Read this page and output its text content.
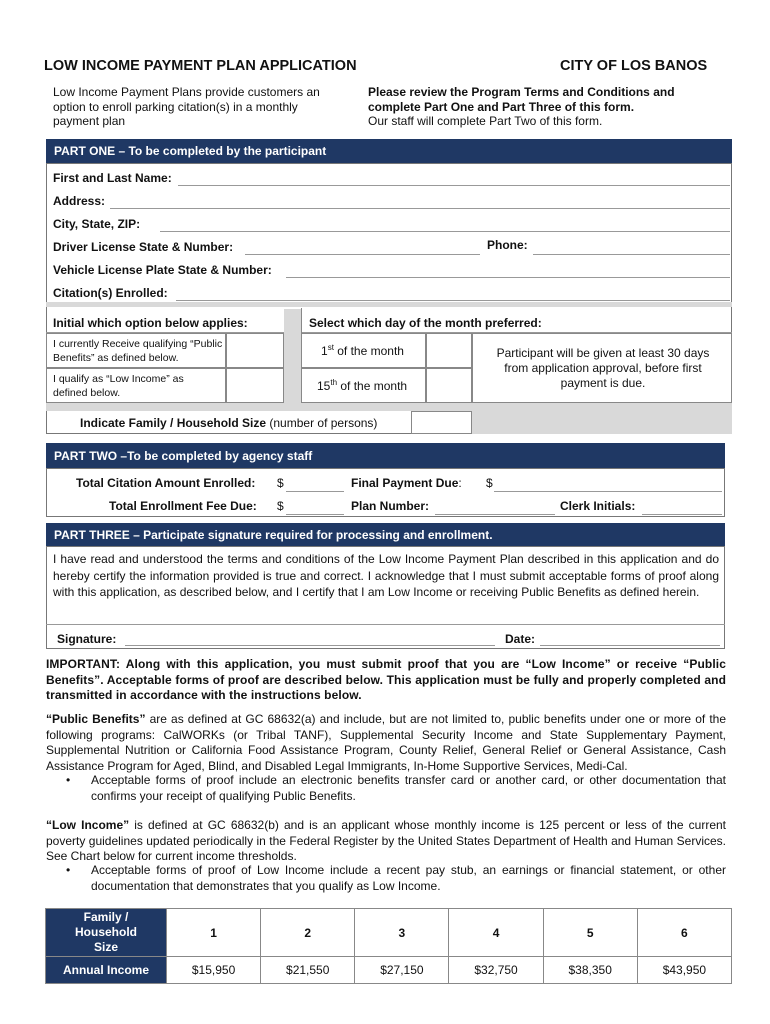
LOW INCOME PAYMENT PLAN APPLICATION	CITY OF LOS BANOS
Low Income Payment Plans provide customers an option to enroll parking citation(s) in a monthly payment plan
Please review the Program Terms and Conditions and complete Part One and Part Three of this form.
Our staff will complete Part Two of this form.
PART ONE – To be completed by the participant
First and Last Name:
Address:
City, State, ZIP:
Driver License State & Number:	Phone:
Vehicle License Plate State & Number:
Citation(s) Enrolled:
Initial which option below applies:	Select which day of the month preferred:
I currently Receive qualifying “Public Benefits” as defined below.
I qualify as “Low Income” as defined below.
1st of the month
15th of the month
Participant will be given at least 30 days from application approval, before first payment is due.
Indicate Family / Household Size (number of persons)
PART TWO –To be completed by agency staff
Total Citation Amount Enrolled: $	Final Payment Due: $
Total Enrollment Fee Due: $	Plan Number:	Clerk Initials:
PART THREE – Participate signature required for processing and enrollment.
I have read and understood the terms and conditions of the Low Income Payment Plan described in this application and do hereby certify the information provided is true and correct. I acknowledge that I must submit acceptable forms of proof along with this application, as described below, and I certify that I am Low Income or receiving Public Benefits as defined herein.
Signature:	Date:
IMPORTANT: Along with this application, you must submit proof that you are “Low Income” or receive “Public Benefits”. Acceptable forms of proof are described below. This application must be fully and properly completed and transmitted in accordance with the instructions below.
“Public Benefits” are as defined at GC 68632(a) and include, but are not limited to, public benefits under one or more of the following programs: CalWORKs (or Tribal TANF), Supplemental Security Income and State Supplementary Payment, Supplemental Nutrition or California Food Assistance Program, County Relief, General Relief or General Assistance, Cash Assistance Program for Aged, Blind, and Disabled Legal Immigrants, In-Home Supportive Services, Medi-Cal.
• Acceptable forms of proof include an electronic benefits transfer card or another card, or other documentation that confirms your receipt of qualifying Public Benefits.
“Low Income” is defined at GC 68632(b) and is an applicant whose monthly income is 125 percent or less of the current poverty guidelines updated periodically in the Federal Register by the United States Department of Health and Human Services. See Chart below for current income thresholds.
• Acceptable forms of proof of Low Income include a recent pay stub, an earnings or financial statement, or other documentation that demonstrates that you qualify as Low Income.
Family / Household Size	1	2	3	4	5	6
Annual Income	$15,950	$21,550	$27,150	$32,750	$38,350	$43,950
